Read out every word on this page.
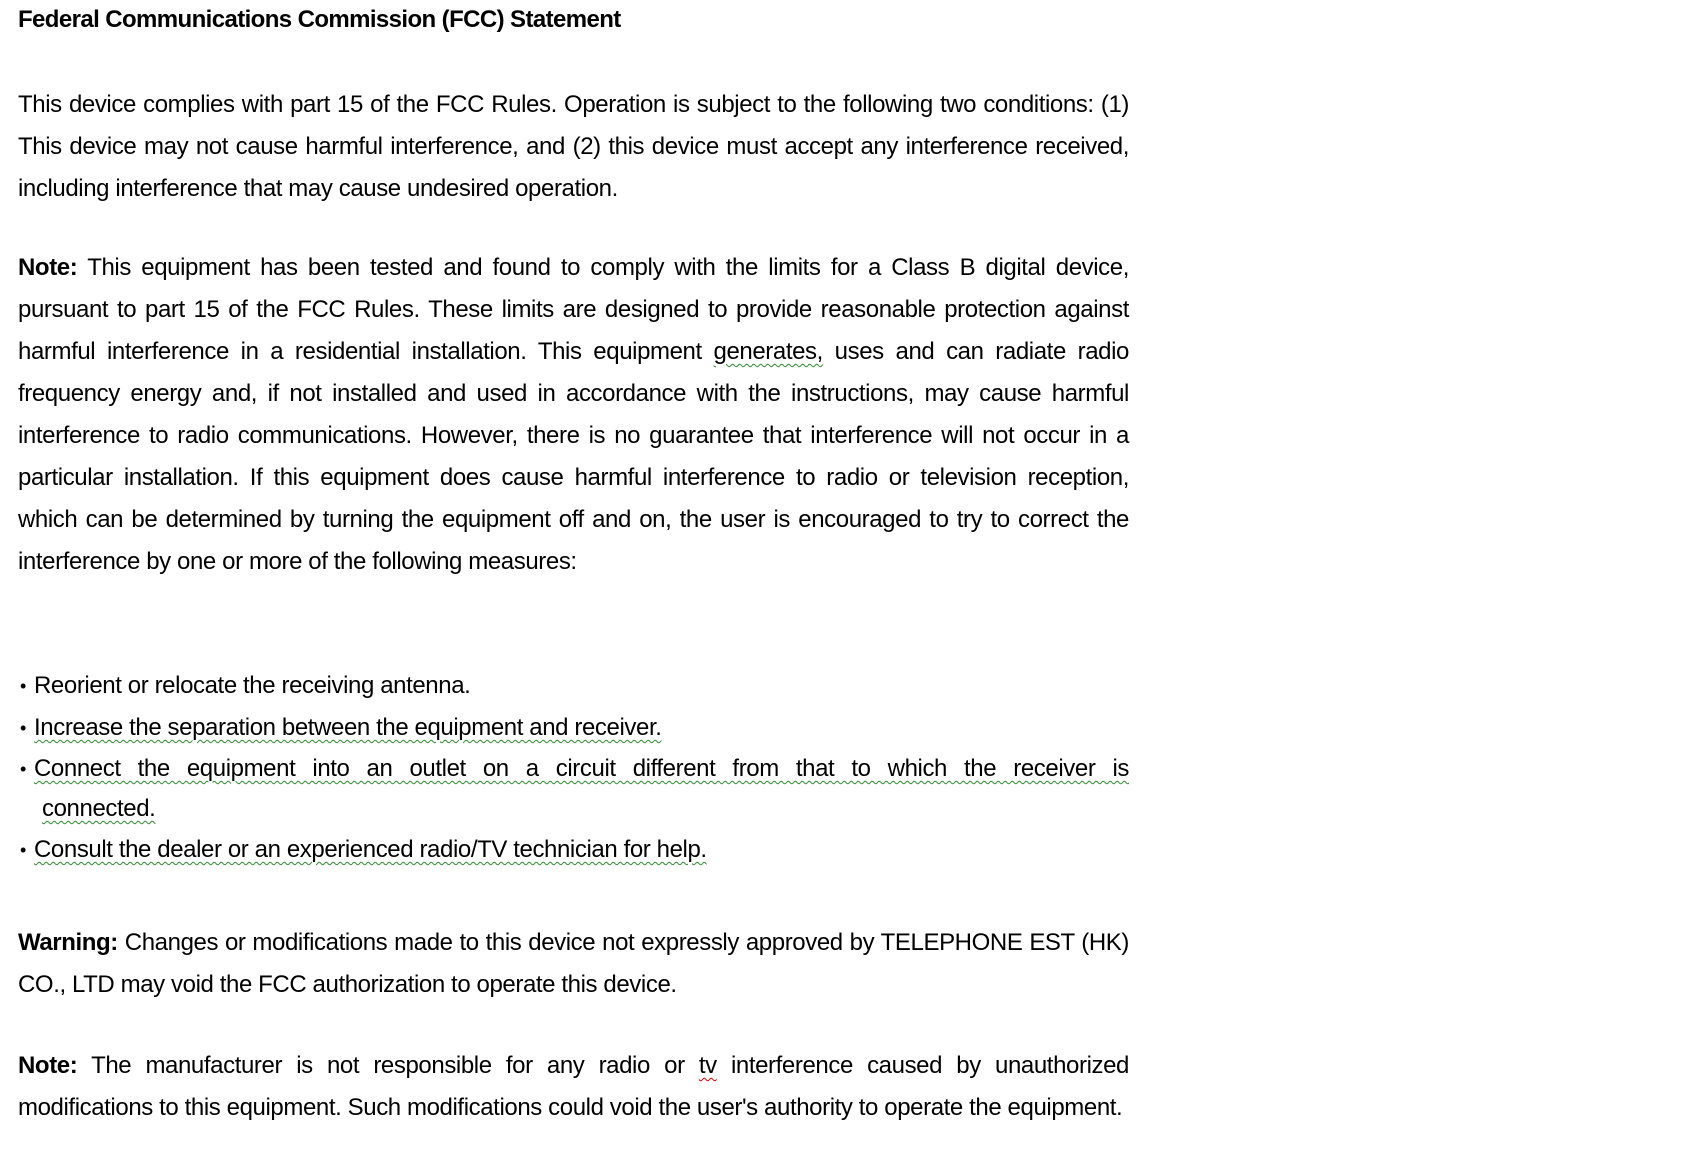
Federal Communications Commission (FCC) Statement

This device complies with part 15 of the FCC Rules. Operation is subject to the following two conditions: (1) This device may not cause harmful interference, and (2) this device must accept any interference received, including interference that may cause undesired operation.

Note: This equipment has been tested and found to comply with the limits for a Class B digital device, pursuant to part 15 of the FCC Rules. These limits are designed to provide reasonable protection against harmful interference in a residential installation. This equipment generates, uses and can radiate radio frequency energy and, if not installed and used in accordance with the instructions, may cause harmful interference to radio communications. However, there is no guarantee that interference will not occur in a particular installation. If this equipment does cause harmful interference to radio or television reception, which can be determined by turning the equipment off and on, the user is encouraged to try to correct the interference by one or more of the following measures:

• Reorient or relocate the receiving antenna.
• Increase the separation between the equipment and receiver.
• Connect the equipment into an outlet on a circuit different from that to which the receiver is
connected.
• Consult the dealer or an experienced radio/TV technician for help.

Warning: Changes or modifications made to this device not expressly approved by TELEPHONE EST (HK) CO., LTD may void the FCC authorization to operate this device.

Note: The manufacturer is not responsible for any radio or tv interference caused by unauthorized modifications to this equipment. Such modifications could void the user's authority to operate the equipment.
